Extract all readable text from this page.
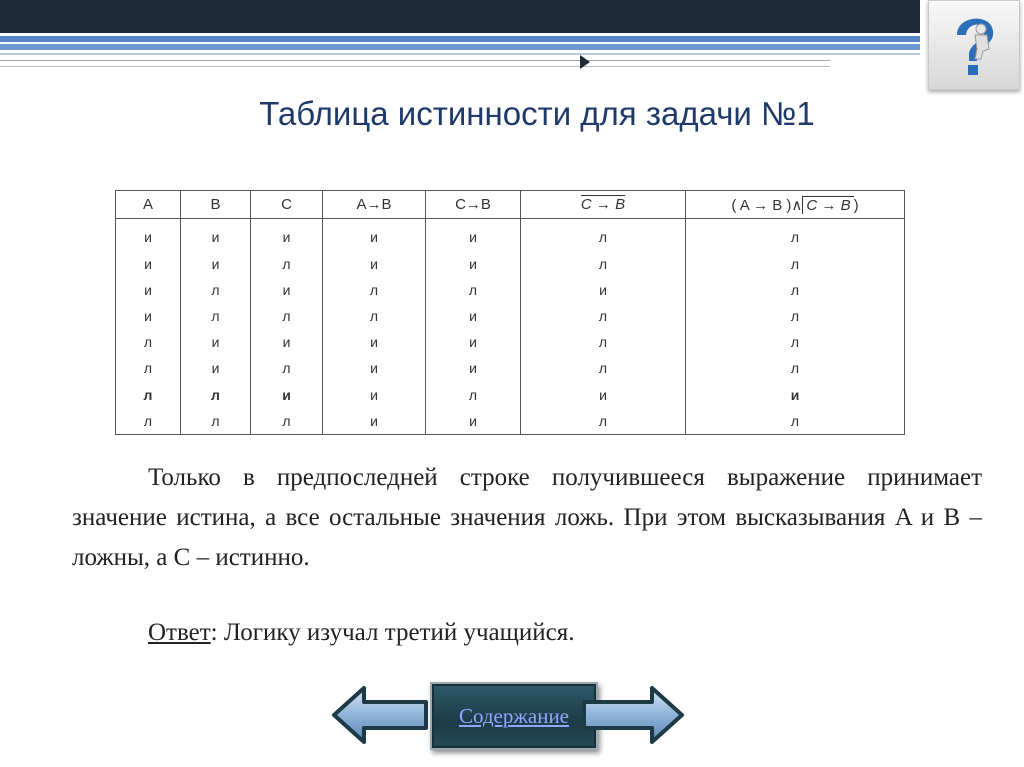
Таблица истинности для задачи №1
A	B	C	A→B	C→B	C → B	( A → B )∧ C → B )
и	и	и	и	и	л	л
и	и	л	и	и	л	л
и	л	и	л	л	и	л
и	л	л	л	и	л	л
л	и	и	и	и	л	л
л	и	л	и	и	л	л
л	л	и	и	л	и	и
л	л	л	и	и	л	л

Только в предпоследней строке получившееся выражение принимает значение истина, а все остальные значения ложь. При этом высказывания A и B – ложны, а C – истинно.

Ответ: Логику изучал третий учащийся.
Содержание
